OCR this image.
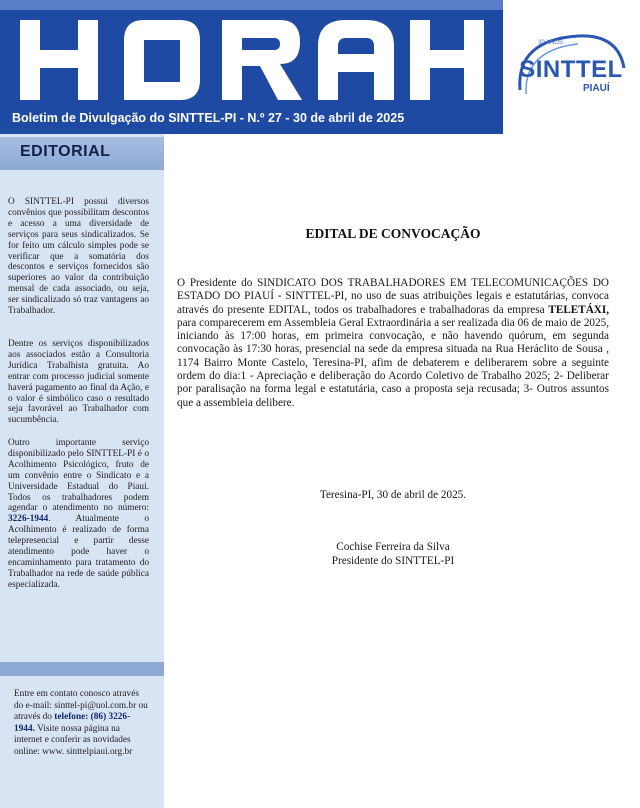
Boletim de Divulgação do SINTTEL-PI - N.º 27 - 30 de abril de 2025
30 ANOS
SINTTEL
PIAUÍ
EDITORIAL

O SINTTEL-PI possui diversos convênios que possibilitam descontos e acesso a uma diversidade de serviços para seus sindicalizados. Se for feito um cálculo simples pode se verificar que a somatória dos descontos e serviços fornecidos são superiores ao valor da contribuição mensal de cada associado, ou seja, ser sindicalizado só traz vantagens ao Trabalhador.

Dentre os serviços disponibilizados aos associados estão a Consultoria Jurídica Trabalhista gratuita. Ao entrar com processo judicial somente haverá pagamento ao final da Ação, e o valor é simbólico caso o resultado seja favorável ao Trabalhador com sucumbência.

Outro importante serviço disponibilizado pelo SINTTEL-PI é o Acolhimento Psicológico, fruto de um convênio entre o Sindicato e a Universidade Estadual do Piauí. Todos os trabalhadores podem agendar o atendimento no número: 3226-1944. Atualmente o Acolhimento é realizado de forma telepresencial e partir desse atendimento pode haver o encaminhamento para tratamento do Trabalhador na rede de saúde pública especializada.

Entre em contato conosco através do e-mail: sinttel-pi@uol.com.br ou através do telefone: (86) 3226-1944. Visite nossa página na internet e conferir as novidades online: www. sinttelpiaui.org.br
EDITAL DE CONVOCAÇÃO

O Presidente do SINDICATO DOS TRABALHADORES EM TELECOMUNICAÇÕES DO ESTADO DO PIAUÍ - SINTTEL-PI, no uso de suas atribuições legais e estatutárias, convoca através do presente EDITAL, todos os trabalhadores e trabalhadoras da empresa TELETÁXI, para comparecerem em Assembleia Geral Extraordinária a ser realizada dia 06 de maio de 2025, iniciando às 17:00 horas, em primeira convocação, e não havendo quórum, em segunda convocação às 17:30 horas, presencial na sede da empresa situada na Rua Heráclito de Sousa , 1174 Bairro Monte Castelo, Teresina-PI, afim de debaterem e deliberarem sobre a seguinte ordem do dia:1 - Apreciação e deliberação do Acordo Coletivo de Trabalho 2025; 2- Deliberar por paralisação na forma legal e estatutária, caso a proposta seja recusada; 3- Outros assuntos que a assembleia delibere.

Teresina-PI, 30 de abril de 2025.
Cochise Ferreira da Silva
Presidente do SINTTEL-PI
